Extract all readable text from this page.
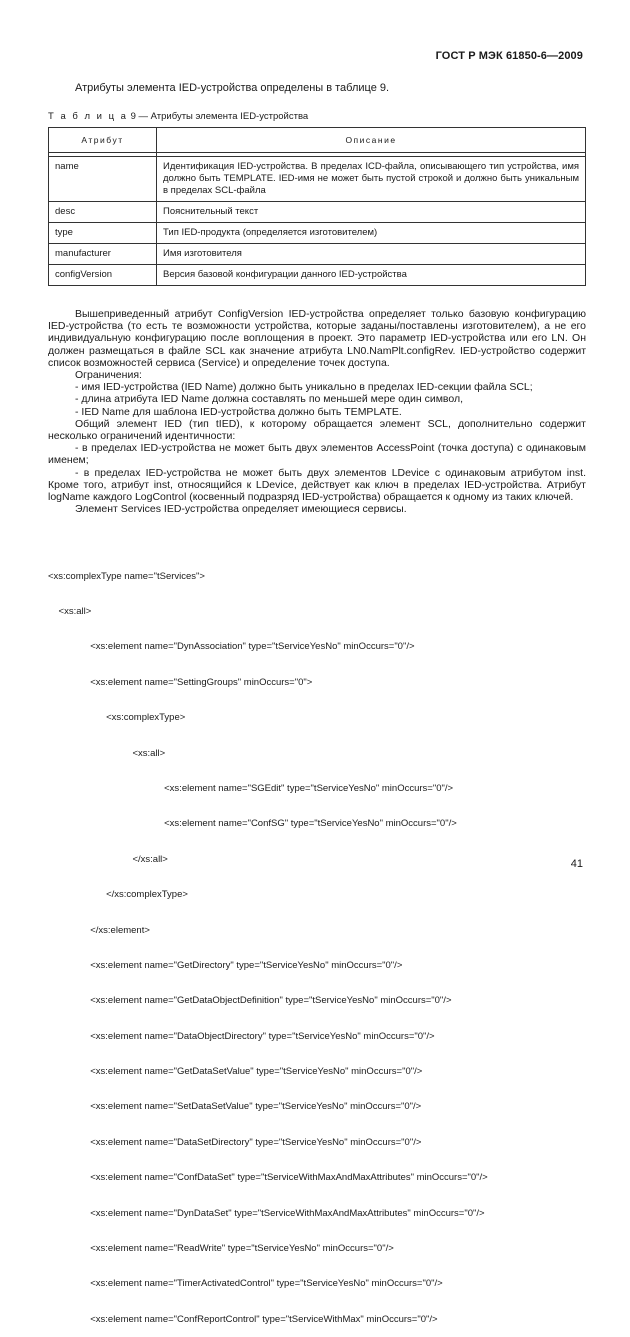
ГОСТ Р МЭК 61850-6—2009
Атрибуты элемента IED-устройства определены в таблице 9.
Т а б л и ц а 9 — Атрибуты элемента IED-устройства
Атрибут	Описание

name	Идентификация IED-устройства. В пределах ICD-файла, описывающего тип устройства, имя должно быть TEMPLATE. IED-имя не может быть пустой строкой и должно быть уникальным в пределах SCL-файла
desc	Пояснительный текст
type	Тип IED-продукта (определяется изготовителем)
manufacturer	Имя изготовителя
configVersion	Версия базовой конфигурации данного IED-устройства

Вышеприведенный атрибут ConfigVersion IED-устройства определяет только базовую конфигурацию IED-устройства (то есть те возможности устройства, которые заданы/поставлены изготовителем), а не его индивидуальную конфигурацию после воплощения в проект. Это параметр IED-устройства или его LN. Он должен размещаться в файле SCL как значение атрибута LN0.NamPlt.configRev. IED-устройство содержит список возможностей сервиса (Service) и определение точек доступа.

Ограничения:

- имя IED-устройства (IED Name) должно быть уникально в пределах IED-секции файла SCL;

- длина атрибута IED Name должна составлять по меньшей мере один символ,

- IED Name для шаблона IED-устройства должно быть TEMPLATE.

Общий элемент IED (тип tIED), к которому обращается элемент SCL, дополнительно содержит несколько ограничений идентичности:

- в пределах IED-устройства не может быть двух элементов AccessPoint (точка доступа) с одинаковым именем;

- в пределах IED-устройства не может быть двух элементов LDevice с одинаковым атрибутом inst. Кроме того, атрибут inst, относящийся к LDevice, действует как ключ в пределах IED-устройства. Атрибут logName каждого LogControl (косвенный подразряд IED-устройства) обращается к одному из таких ключей.

Элемент Services IED-устройства определяет имеющиеся сервисы.

<xs:complexType name="tServices">

<xs:all>

<xs:element name="DynAssociation" type="tServiceYesNo" minOccurs="0"/>

<xs:element name="SettingGroups" minOccurs="0">

<xs:complexType>

<xs:all>

<xs:element name="SGEdit" type="tServiceYesNo" minOccurs="0"/>

<xs:element name="ConfSG" type="tServiceYesNo" minOccurs="0"/>

</xs:all>

</xs:complexType>

</xs:element>

<xs:element name="GetDirectory" type="tServiceYesNo" minOccurs="0"/>

<xs:element name="GetDataObjectDefinition" type="tServiceYesNo" minOccurs="0"/>

<xs:element name="DataObjectDirectory" type="tServiceYesNo" minOccurs="0"/>

<xs:element name="GetDataSetValue" type="tServiceYesNo" minOccurs="0"/>

<xs:element name="SetDataSetValue" type="tServiceYesNo" minOccurs="0"/>

<xs:element name="DataSetDirectory" type="tServiceYesNo" minOccurs="0"/>

<xs:element name="ConfDataSet" type="tServiceWithMaxAndMaxAttributes" minOccurs="0"/>

<xs:element name="DynDataSet" type="tServiceWithMaxAndMaxAttributes" minOccurs="0"/>

<xs:element name="ReadWrite" type="tServiceYesNo" minOccurs="0"/>

<xs:element name="TimerActivatedControl" type="tServiceYesNo" minOccurs="0"/>

<xs:element name="ConfReportControl" type="tServiceWithMax" minOccurs="0"/>

41
